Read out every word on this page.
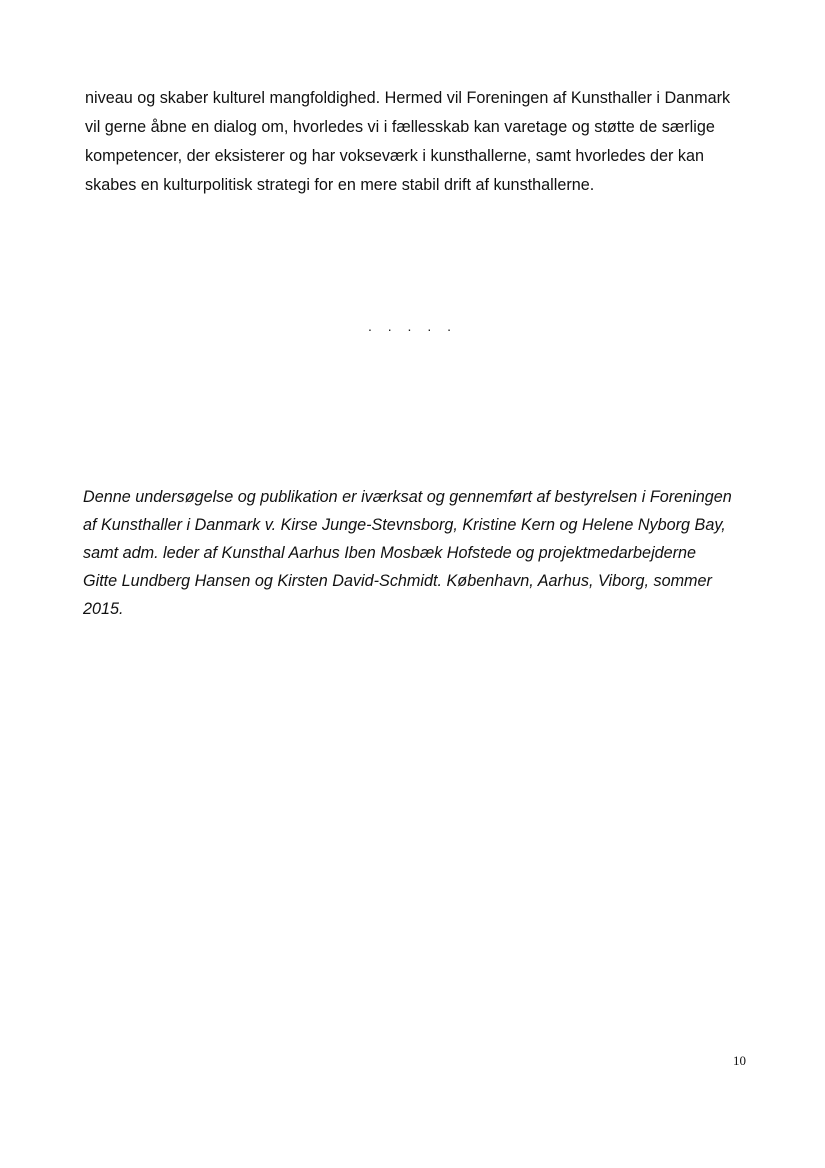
niveau og skaber kulturel mangfoldighed. Hermed vil Foreningen af Kunsthaller i Danmark
vil gerne åbne en dialog om, hvorledes vi i fællesskab kan varetage og støtte de særlige
kompetencer, der eksisterer og har vokseværk i kunsthallerne, samt hvorledes der kan
skabes en kulturpolitisk strategi for en mere stabil drift af kunsthallerne.

. . . . .

Denne undersøgelse og publikation er iværksat og gennemført af bestyrelsen i Foreningen
af Kunsthaller i Danmark v. Kirse Junge-Stevnsborg, Kristine Kern og Helene Nyborg Bay,
samt adm. leder af Kunsthal Aarhus Iben Mosbæk Hofstede og projektmedarbejderne
Gitte Lundberg Hansen og Kirsten David-Schmidt. København, Aarhus, Viborg, sommer
2015.

10
